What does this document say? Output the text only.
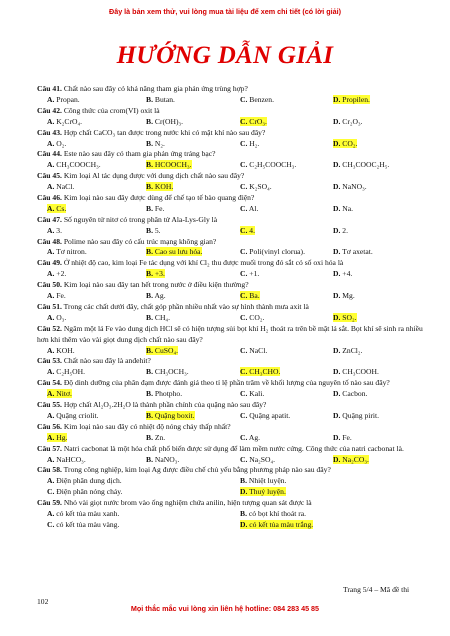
Đây là bản xem thử, vui lòng mua tài liệu để xem chi tiết (có lời giải)
HƯỚNG DẪN GIẢI
Câu 41. Chất nào sau đây có khả năng tham gia phản ứng trùng hợp?
A. Propan.	B. Butan.	C. Benzen.	D. Propilen.
Câu 42. Công thức của crom(VI) oxit là
A. K₂CrO₄.	B. Cr(OH)₃.	C. CrO₃.	D. Cr₂O₃.
Câu 43. Hợp chất CaCO₃ tan được trong nước khi có mặt khí nào sau đây?
A. O₂.	B. N₂.	C. H₂.	D. CO₂.
Câu 44. Este nào sau đây có tham gia phản ứng tráng bạc?
A. CH₃COOCH₃.	B. HCOOCH₃.	C. C₂H₅COOCH₃.	D. CH₃COOC₂H₅.
Câu 45. Kim loại Al tác dụng được với dung dịch chất nào sau đây?
A. NaCl.	B. KOH.	C. K₂SO₄.	D. NaNO₃.
Câu 46. Kim loại nào sau đây được dùng để chế tạo tế bào quang điện?
A. Cs.	B. Fe.	C. Al.	D. Na.
Câu 47. Số nguyên tử nitơ có trong phân tử Ala-Lys-Gly là
A. 3.	B. 5.	C. 4.	D. 2.
Câu 48. Polime nào sau đây có cấu trúc mạng không gian?
A. Tơ nitron.	B. Cao su lưu hóa.	C. Poli(vinyl clorua).	D. Tơ axetat.
Câu 49. Ở nhiệt độ cao, kim loại Fe tác dụng với khí Cl₂ thu được muối trong đó sắt có số oxi hóa là
A. +2.	B. +3.	C. +1.	D. +4.
Câu 50. Kim loại nào sau đây tan hết trong nước ở điều kiện thường?
A. Fe.	B. Ag.	C. Ba.	D. Mg.
Câu 51. Trong các chất dưới đây, chất góp phần nhiều nhất vào sự hình thành mưa axit là
A. O₃.	B. CH₄.	C. CO₂.	D. SO₂.
Câu 52. Ngâm một lá Fe vào dung dịch HCl sẽ có hiện tượng sủi bọt khí H₂ thoát ra trên bề mặt lá sắt. Bọt khí sẽ sinh ra nhiều hơn khi thêm vào vài giọt dung dịch chất nào sau đây?
A. KOH.	B. CuSO₄.	C. NaCl.	D. ZnCl₂.
Câu 53. Chất nào sau đây là anđehit?
A. C₂H₅OH.	B. CH₃OCH₃.	C. CH₃CHO.	D. CH₃COOH.
Câu 54. Độ dinh dưỡng của phân đạm được đánh giá theo tỉ lệ phần trăm về khối lượng của nguyên tố nào sau đây?
A. Nitơ.	B. Photpho.	C. Kali.	D. Cacbon.
Câu 55. Hợp chất Al₂O₃.2H₂O là thành phần chính của quặng nào sau đây?
A. Quặng criolit.	B. Quặng boxit.	C. Quặng apatit.	D. Quặng pirit.
Câu 56. Kim loại nào sau đây có nhiệt độ nóng chảy thấp nhất?
A. Hg.	B. Zn.	C. Ag.	D. Fe.
Câu 57. Natri cacbonat là một hóa chất phổ biến được sử dụng để làm mềm nước cứng. Công thức của natri cacbonat là.
A. NaHCO₃.	B. NaNO₃.	C. Na₂SO₄.	D. Na₂CO₃.
Câu 58. Trong công nghiệp, kim loại Ag được điều chế chủ yếu bằng phương pháp nào sau đây?
A. Điện phân dung dịch.	B. Nhiệt luyện.
C. Điện phân nóng chảy.	D. Thuỷ luyện.
Câu 59. Nhỏ vài giọt nước brom vào ống nghiệm chứa anilin, hiện tượng quan sát được là
A. có kết tủa màu xanh.	B. có bọt khí thoát ra.
C. có kết tủa màu vàng.	D. có kết tủa màu trắng.
Trang 5/4 – Mã đề thi
102
Mọi thắc mắc vui lòng xin liên hệ hotline: 084 283 45 85
